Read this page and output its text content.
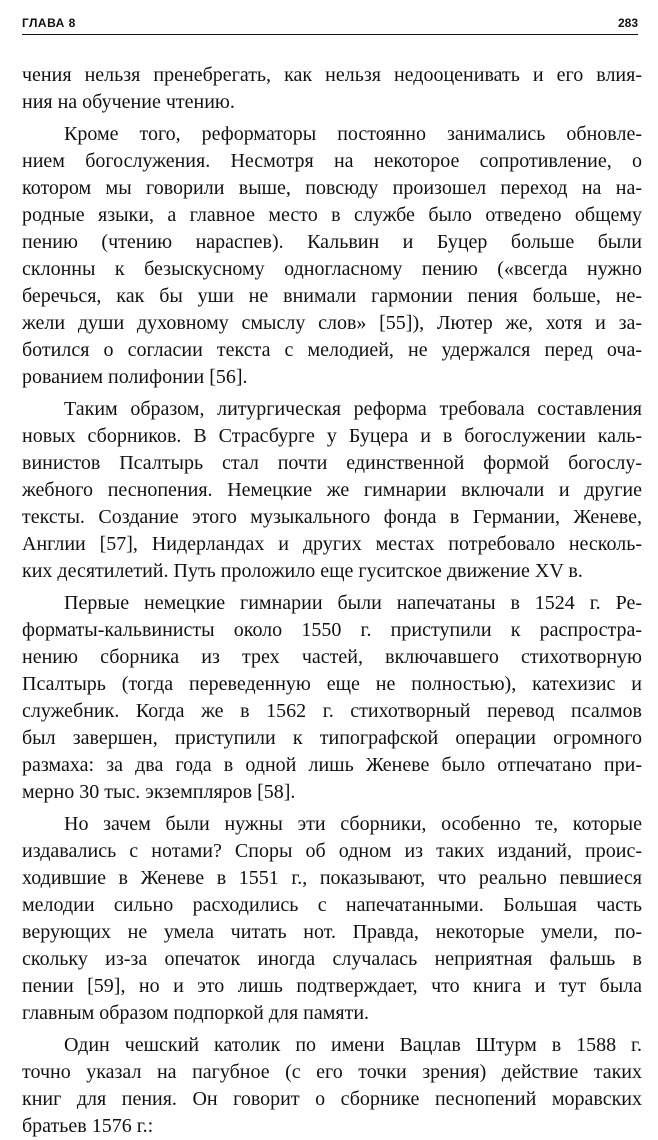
ГЛАВА 8	283
чения нельзя пренебрегать, как нельзя недооценивать и его влия-
ния на обучение чтению.
Кроме того, реформаторы постоянно занимались обновле-
нием богослужения. Несмотря на некоторое сопротивление, о
котором мы говорили выше, повсюду произошел переход на на-
родные языки, а главное место в службе было отведено общему
пению (чтению нараспев). Кальвин и Буцер больше были
склонны к безыскусному одногласному пению («всегда нужно
беречься, как бы уши не внимали гармонии пения больше, не-
жели души духовному смыслу слов» [55]), Лютер же, хотя и за-
ботился о согласии текста с мелодией, не удержался перед оча-
рованием полифонии [56].
Таким образом, литургическая реформа требовала составления
новых сборников. В Страсбурге у Буцера и в богослужении каль-
винистов Псалтырь стал почти единственной формой богослу-
жебного песнопения. Немецкие же гимнарии включали и другие
тексты. Создание этого музыкального фонда в Германии, Женеве,
Англии [57], Нидерландах и других местах потребовало несколь-
ких десятилетий. Путь проложило еще гуситское движение XV в.
Первые немецкие гимнарии были напечатаны в 1524 г. Ре-
форматы-кальвинисты около 1550 г. приступили к распростра-
нению сборника из трех частей, включавшего стихотворную
Псалтырь (тогда переведенную еще не полностью), катехизис и
служебник. Когда же в 1562 г. стихотворный перевод псалмов
был завершен, приступили к типографской операции огромного
размаха: за два года в одной лишь Женеве было отпечатано при-
мерно 30 тыс. экземпляров [58].
Но зачем были нужны эти сборники, особенно те, которые
издавались с нотами? Споры об одном из таких изданий, проис-
ходившие в Женеве в 1551 г., показывают, что реально певшиеся
мелодии сильно расходились с напечатанными. Большая часть
верующих не умела читать нот. Правда, некоторые умели, по-
скольку из-за опечаток иногда случалась неприятная фальшь в
пении [59], но и это лишь подтверждает, что книга и тут была
главным образом подпоркой для памяти.
Один чешский католик по имени Вацлав Штурм в 1588 г.
точно указал на пагубное (с его точки зрения) действие таких
книг для пения. Он говорит о сборнике песнопений моравских
братьев 1576 г.:
